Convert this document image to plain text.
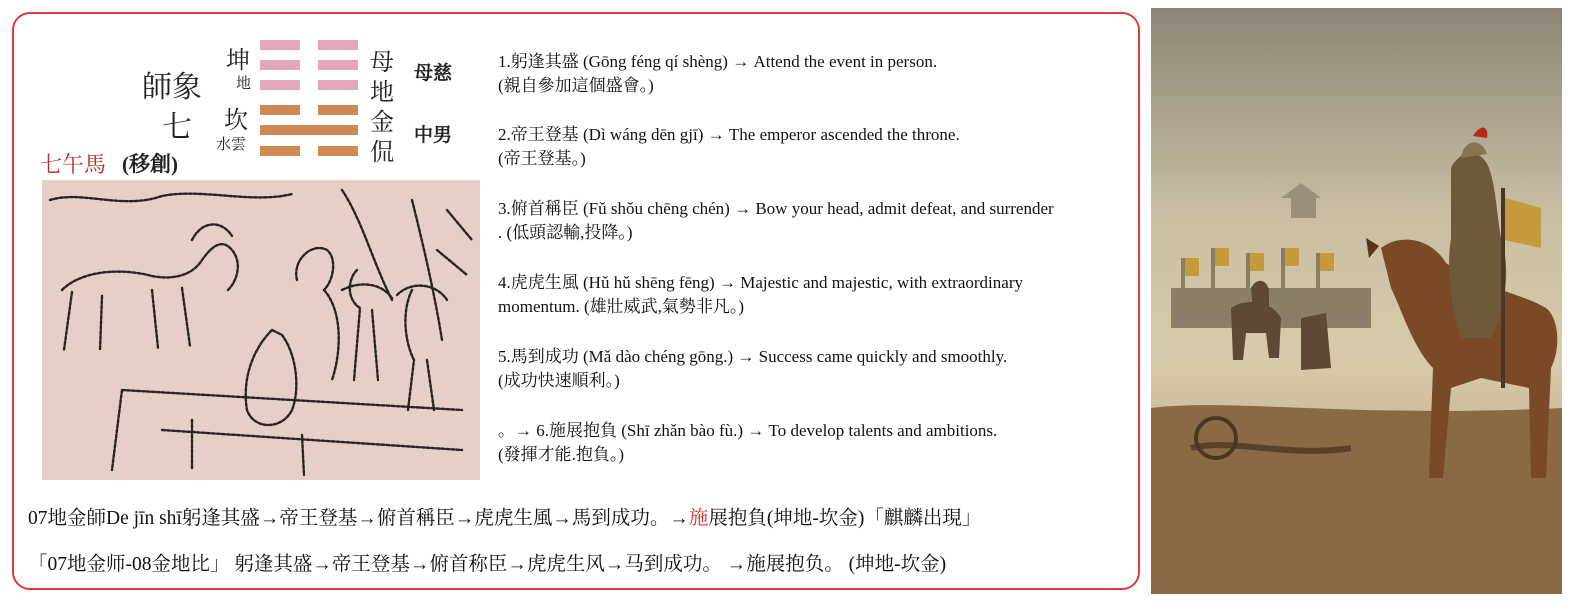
師象
七
坤
地
坎
水雲
母
地
金
侃
母慈
中男
七午馬 (移創)
1.躬逢其盛 (Gōng féng qí shèng) → Attend the event in person.
(親自參加這個盛會。)
2.帝王登基 (Dì wáng dēn gjī) → The emperor ascended the throne.
(帝王登基。)
3.俯首稱臣 (Fǔ shǒu chēng chén) → Bow your head, admit defeat, and surrender
. (低頭認輸,投降。)
4.虎虎生風 (Hǔ hǔ shēng fēng) → Majestic and majestic, with extraordinary
momentum. (雄壯威武,氣勢非凡。)
5.馬到成功 (Mǎ dào chéng gōng.) → Success came quickly and smoothly.
(成功快速順利。)
。→ 6.施展抱負 (Shī zhǎn bào fù.) → To develop talents and ambitions.
(發揮才能.抱負。)
07地金師De jīn shī躬逢其盛→帝王登基→俯首稱臣→虎虎生風→馬到成功。→施展抱負(坤地-坎金)「麒麟出現」
「07地金师-08金地比」 躬逢其盛→帝王登基→俯首称臣→虎虎生风→马到成功。 →施展抱负。 (坤地-坎金)
